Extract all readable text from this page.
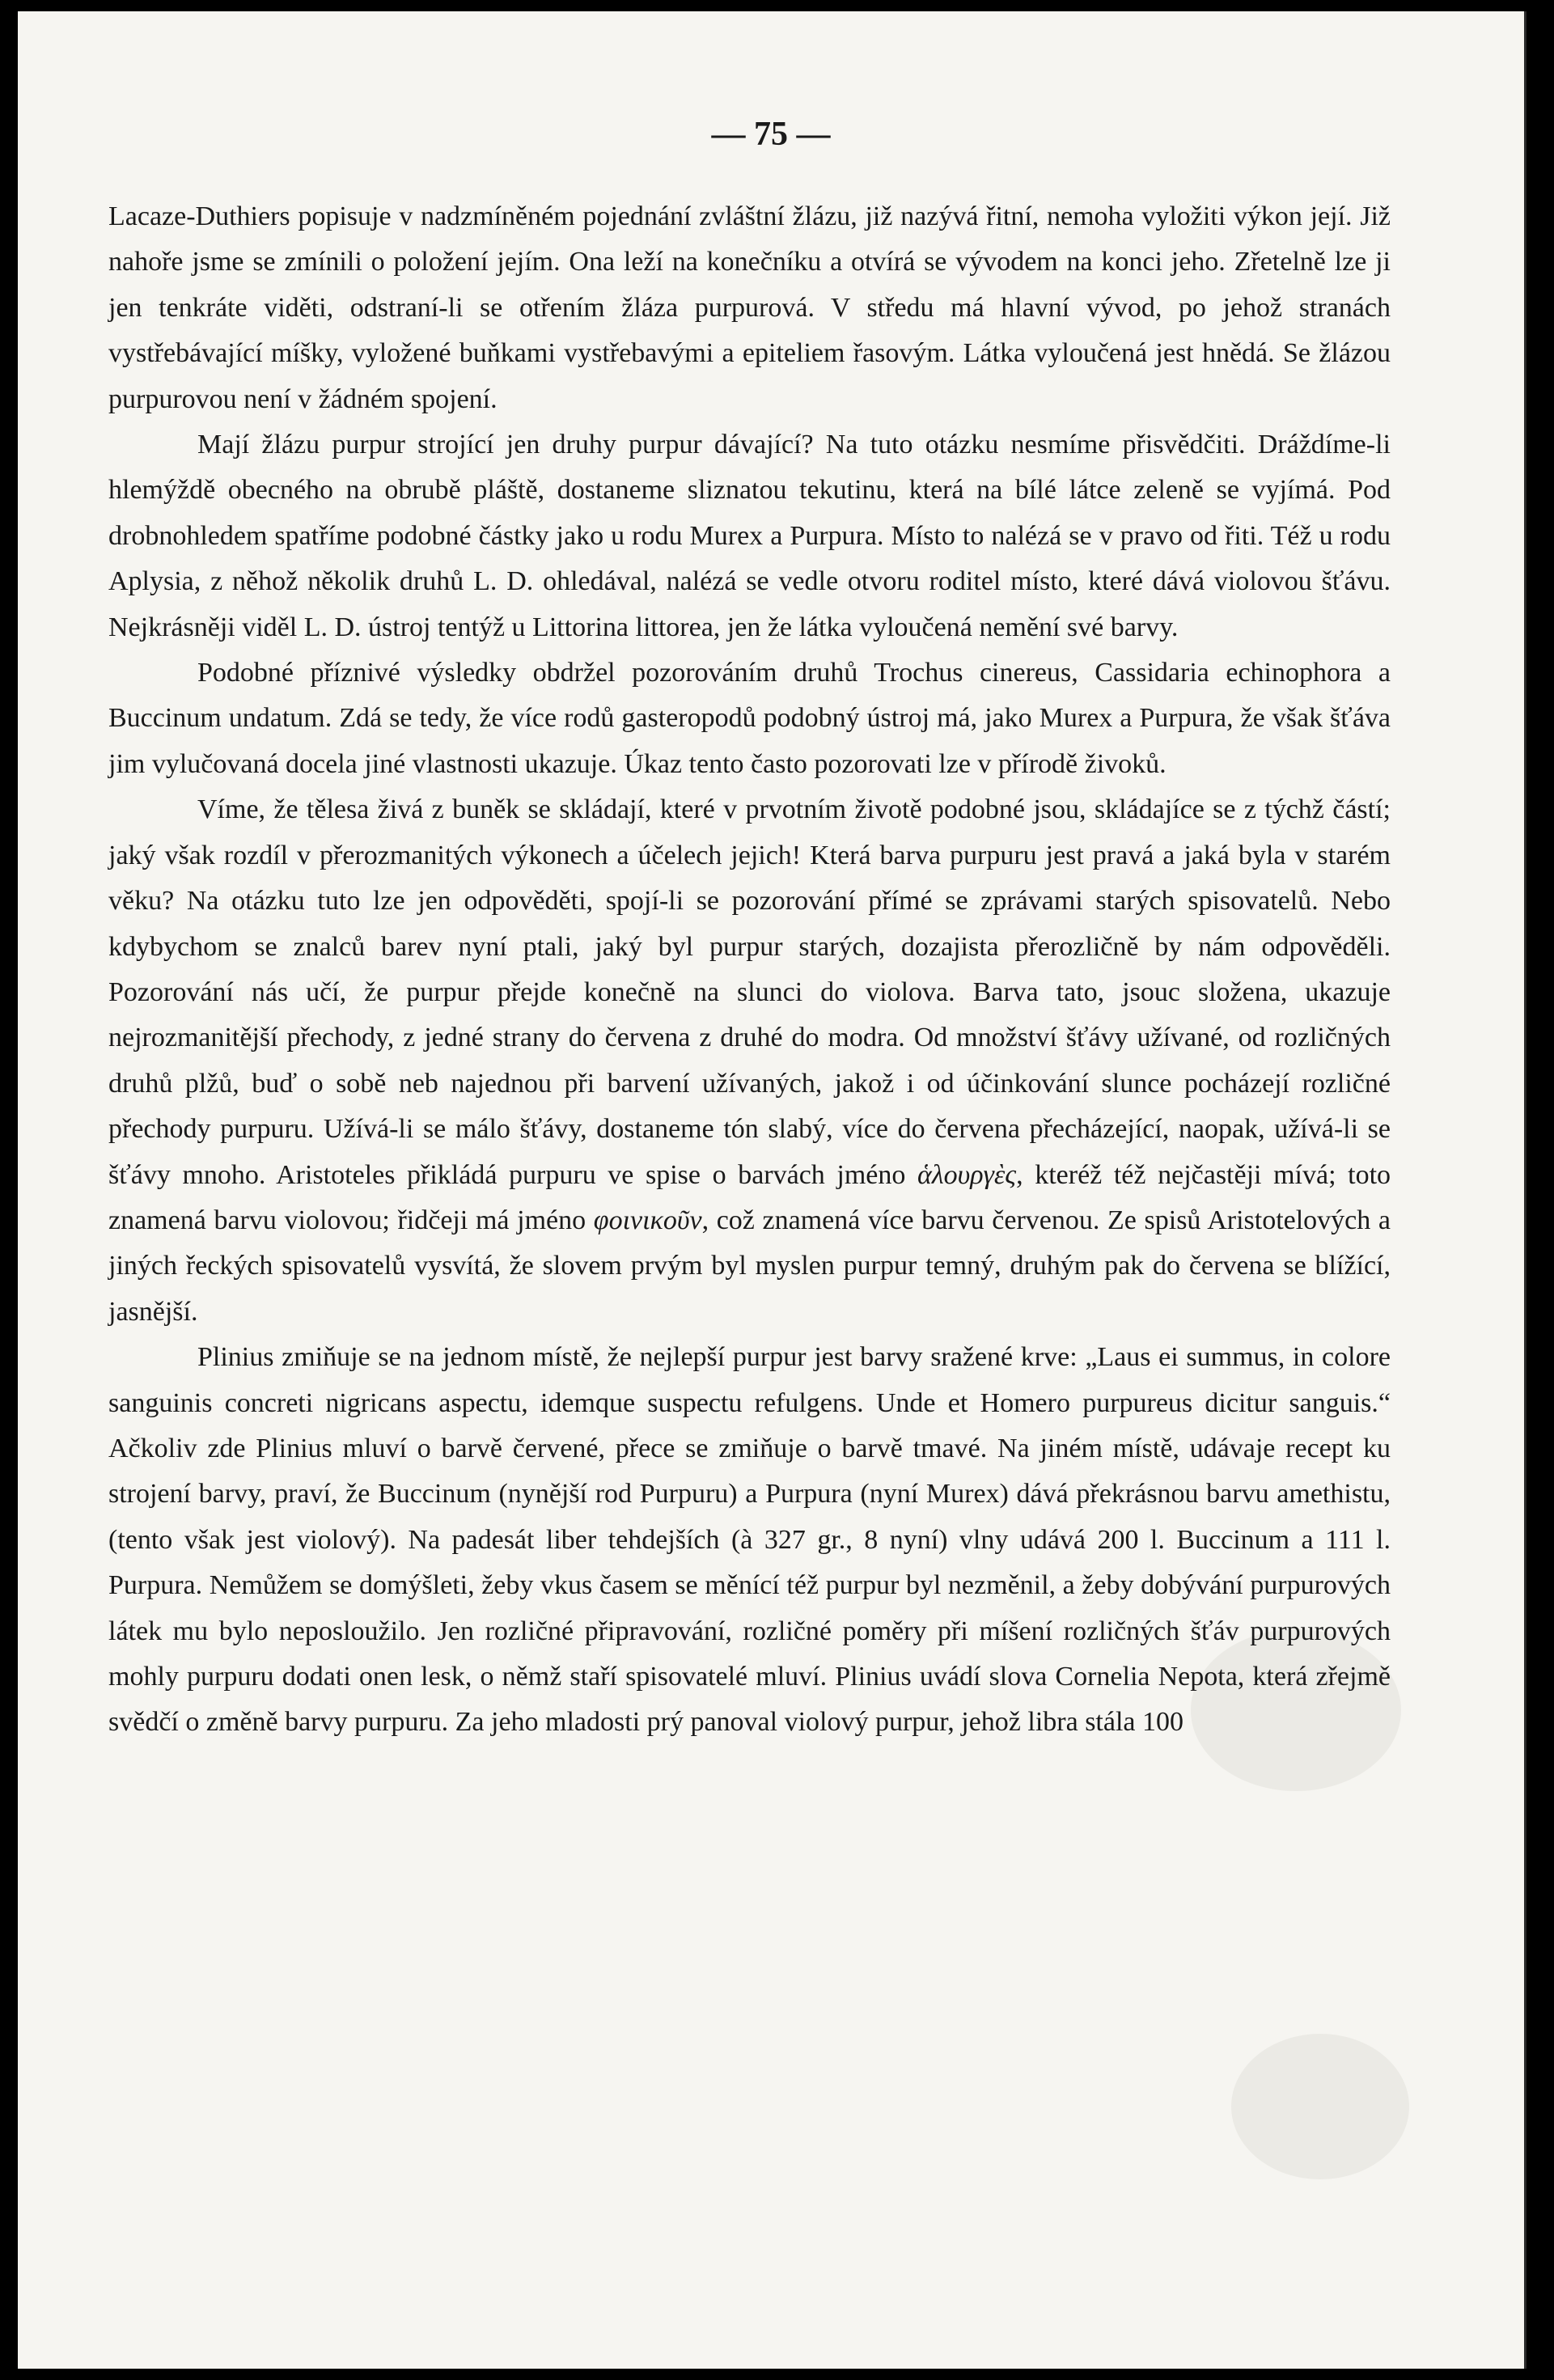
— 75 —

Lacaze-Duthiers popisuje v nadzmíněném pojednání zvláštní žlázu, již nazývá řitní, nemoha vyložiti výkon její. Již nahoře jsme se zmínili o položení jejím. Ona leží na konečníku a otvírá se vývodem na konci jeho. Zřetelně lze ji jen tenkráte viděti, odstraní-li se otřením žláza purpurová. V středu má hlavní vývod, po jehož stranách vystřebávající míšky, vyložené buňkami vystřebavými a epiteliem řasovým. Látka vyloučená jest hnědá. Se žlázou purpurovou není v žádném spojení.

Mají žlázu purpur strojící jen druhy purpur dávající? Na tuto otázku nesmíme přisvědčiti. Dráždíme-li hlemýždě obecného na obrubě pláště, dostaneme sliznatou tekutinu, která na bílé látce zeleně se vyjímá. Pod drobnohledem spatříme podobné částky jako u rodu Murex a Purpura. Místo to nalézá se v pravo od řiti. Též u rodu Aplysia, z něhož několik druhů L. D. ohledával, nalézá se vedle otvoru roditel místo, které dává violovou šťávu. Nejkrásněji viděl L. D. ústroj tentýž u Littorina littorea, jen že látka vyloučená nemění své barvy.

Podobné příznivé výsledky obdržel pozorováním druhů Trochus cinereus, Cassidaria echinophora a Buccinum undatum. Zdá se tedy, že více rodů gasteropodů podobný ústroj má, jako Murex a Purpura, že však šťáva jim vylučovaná docela jiné vlastnosti ukazuje. Úkaz tento často pozorovati lze v přírodě živoků.

Víme, že tělesa živá z buněk se skládají, které v prvotním životě podobné jsou, skládajíce se z týchž částí; jaký však rozdíl v přerozmanitých výkonech a účelech jejich! Která barva purpuru jest pravá a jaká byla v starém věku? Na otázku tuto lze jen odpověděti, spojí-li se pozorování přímé se zprávami starých spisovatelů. Nebo kdybychom se znalců barev nyní ptali, jaký byl purpur starých, dozajista přerozličně by nám odpověděli. Pozorování nás učí, že purpur přejde konečně na slunci do violova. Barva tato, jsouc složena, ukazuje nejrozmanitější přechody, z jedné strany do červena z druhé do modra. Od množství šťávy užívané, od rozličných druhů plžů, buď o sobě neb najednou při barvení užívaných, jakož i od účinkování slunce pocházejí rozličné přechody purpuru. Užívá-li se málo šťávy, dostaneme tón slabý, více do červena přecházející, naopak, užívá-li se šťávy mnoho. Aristoteles přikládá purpuru ve spise o barvách jméno ἁλουργὲς, kteréž též nejčastěji mívá; toto znamená barvu violovou; řidčeji má jméno φοινικοῦν, což znamená více barvu červenou. Ze spisů Aristotelových a jiných řeckých spisovatelů vysvítá, že slovem prvým byl myslen purpur temný, druhým pak do červena se blížící, jasnější.

Plinius zmiňuje se na jednom místě, že nejlepší purpur jest barvy sražené krve: „Laus ei summus, in colore sanguinis concreti nigricans aspectu, idemque suspectu refulgens. Unde et Homero purpureus dicitur sanguis.“ Ačkoliv zde Plinius mluví o barvě červené, přece se zmiňuje o barvě tmavé. Na jiném místě, udávaje recept ku strojení barvy, praví, že Buccinum (nynější rod Purpuru) a Purpura (nyní Murex) dává překrásnou barvu amethistu, (tento však jest violový). Na padesát liber tehdejších (à 327 gr., 8 nyní) vlny udává 200 l. Buccinum a 111 l. Purpura. Nemůžem se domýšleti, žeby vkus časem se měnící též purpur byl nezměnil, a žeby dobývání purpurových látek mu bylo neposloužilo. Jen rozličné připravování, rozličné poměry při míšení rozličných šťáv purpurových mohly purpuru dodati onen lesk, o němž staří spisovatelé mluví. Plinius uvádí slova Cornelia Nepota, která zřejmě svědčí o změně barvy purpuru. Za jeho mladosti prý panoval violový purpur, jehož libra stála 100
